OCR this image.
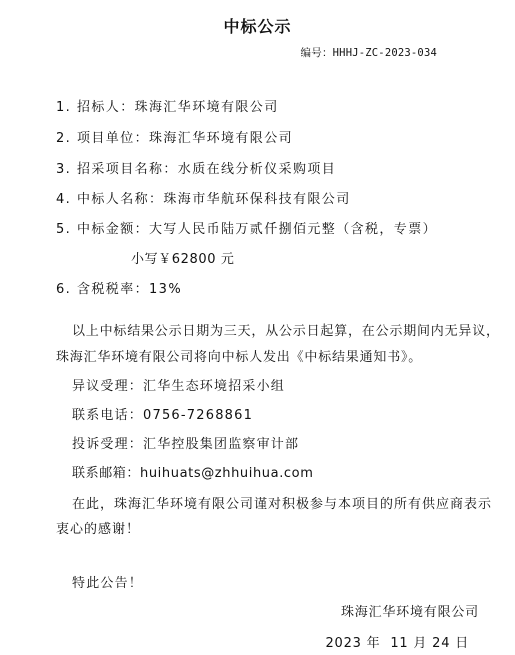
中标公示
编号：HHHJ-ZC-2023-034
1. 招标人：珠海汇华环境有限公司
2. 项目单位：珠海汇华环境有限公司
3. 招采项目名称：水质在线分析仪采购项目
4. 中标人名称：珠海市华航环保科技有限公司
5. 中标金额：大写人民币陆万贰仟捌佰元整（含税，专票）
小写￥62800 元
6. 含税税率：13%
以上中标结果公示日期为三天，从公示日起算，在公示期间内无异议，
珠海汇华环境有限公司将向中标人发出《中标结果通知书》。
异议受理：汇华生态环境招采小组
联系电话：0756-7268861
投诉受理：汇华控股集团监察审计部
联系邮箱：huihuats@zhhuihua.com
在此，珠海汇华环境有限公司谨对积极参与本项目的所有供应商表示
衷心的感谢！
特此公告！
珠海汇华环境有限公司
2023 年  11 月 24 日
